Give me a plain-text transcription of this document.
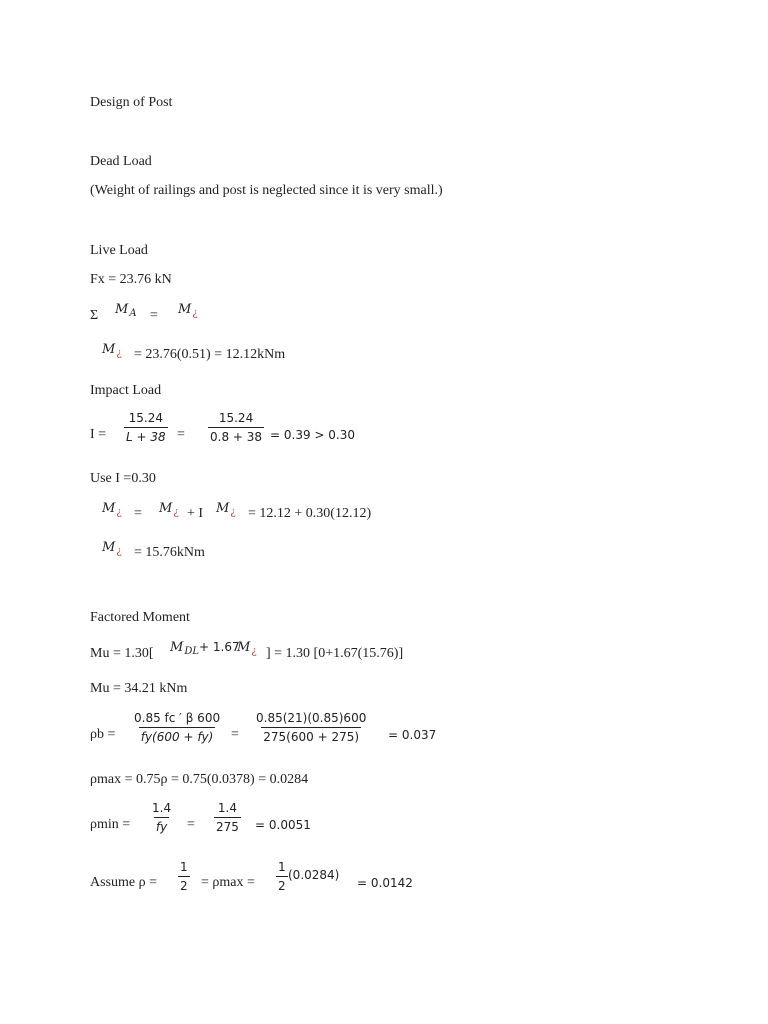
Design of Post
Dead Load
(Weight of railings and post is neglected since it is very small.)
Live Load
Fx = 23.76 kN
Σ $M_A = M_¿$
$M_¿ = 23.76(0.51) = 12.12kNm$
Impact Load
$I = \frac{15.24}{L + 38} = \frac{15.24}{0.8 + 38} = 0.39 > 0.30$
Use I =0.30
$M_¿ = M_¿ + I$ $M_¿ = 12.12 + 0.30(12.12)$
$M_¿ = 15.76kNm$
Factored Moment
Mu = 1.30[ $M_{DL} + 1.67$
$M_¿$ ] = 1.30 [0+1.67(15.76)]
Mu = 34.21 kNm
$\rho b = \frac{0.85 fc ' \beta 600}{fy(600 + fy)} = \frac{0.85(21)(0.85)600}{275(600 + 275)} = 0.037$
ρmax = 0.75ρ = 0.75(0.0378) = 0.0284
$\rho\min = \frac{1.4}{fy} = \frac{1.4}{275} = 0.0051$
Assume $\rho = \frac{1}{2} = \rho\max = \frac{1}{2} (0.0284)$
= 0.0142
